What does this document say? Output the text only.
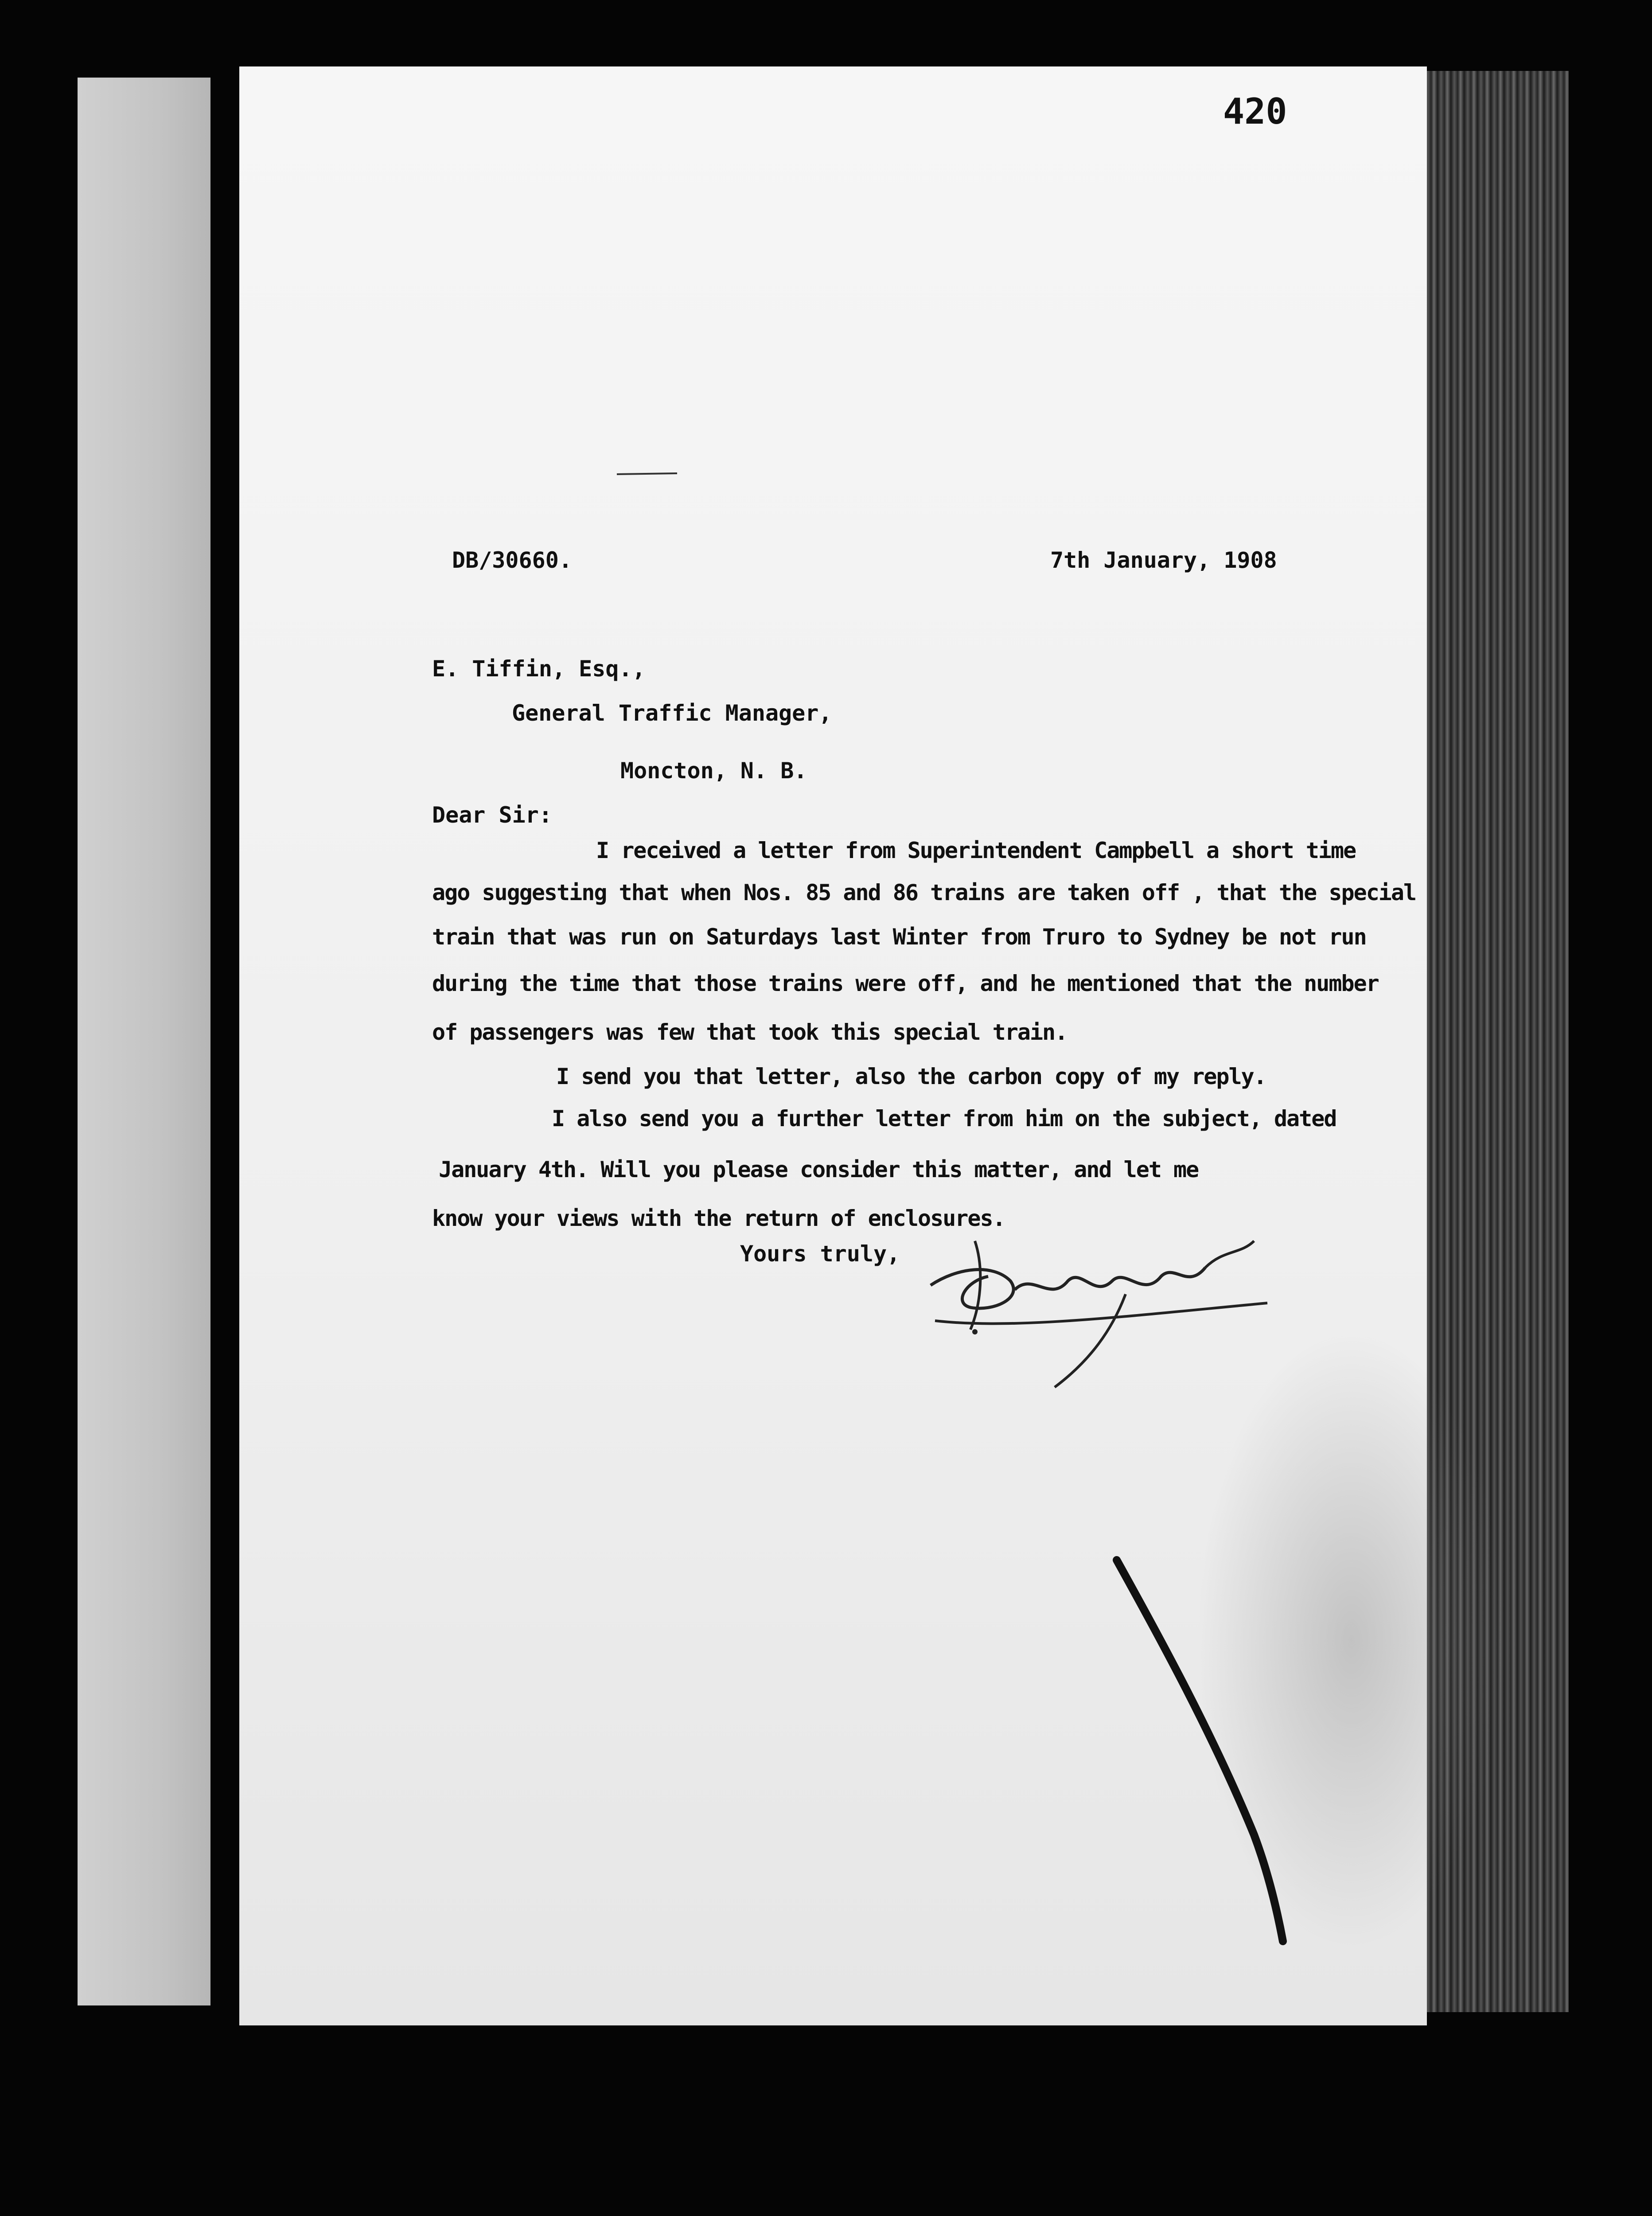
420
DB/30660.	7th January, 1908
E. Tiffin, Esq.,
General Traffic Manager,
Moncton, N. B.
Dear Sir:
I received a letter from Superintendent Campbell a short time
ago suggesting that when Nos. 85 and 86 trains are taken off , that the special
train that was run on Saturdays last Winter from Truro to Sydney be not run
during the time that those trains were off, and he mentioned that the number
of passengers was few that took this special train.
I send you that letter, also the carbon copy of my reply.
I also send you a further letter from him on the subject, dated
January 4th. Will you please consider this matter, and let me
know your views with the return of enclosures.
Yours truly,
